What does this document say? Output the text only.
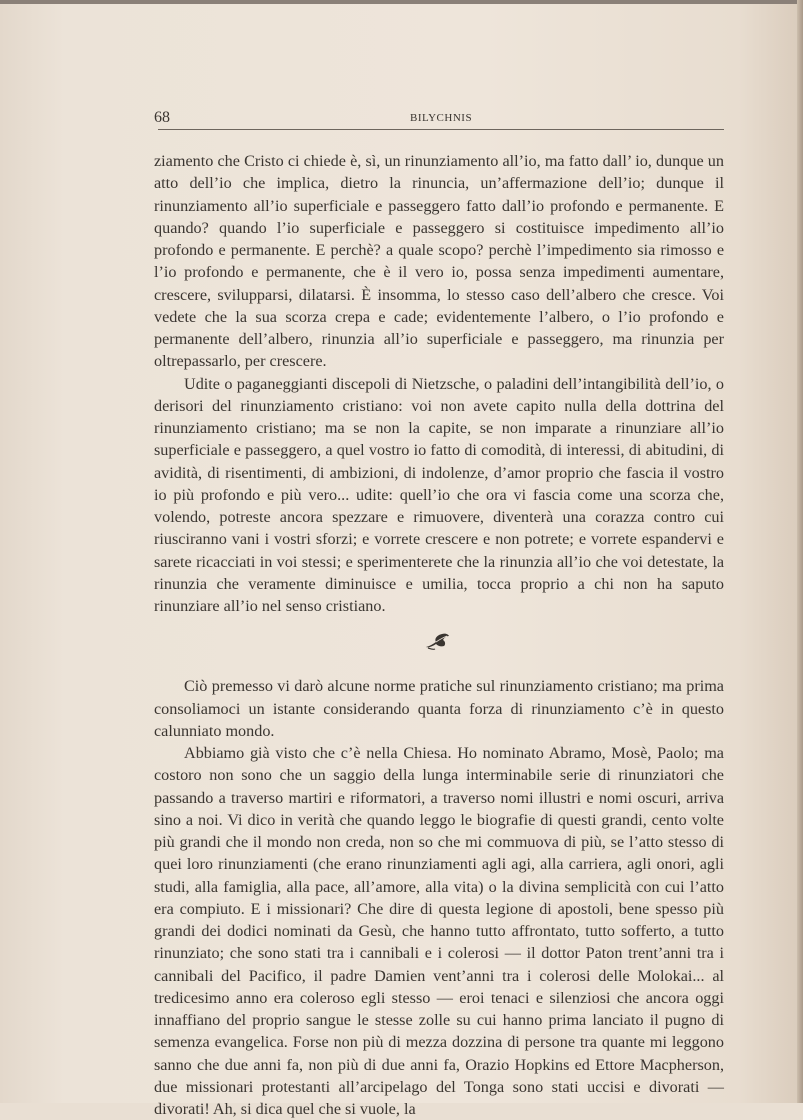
68	BILYCHNIS

ziamento che Cristo ci chiede è, sì, un rinunziamento all’io, ma fatto dall’ io, dunque un atto dell’io che implica, dietro la rinuncia, un’affermazione dell’io; dunque il rinunziamento all’io superficiale e passeggero fatto dall’io profondo e permanente. E quando? quando l’io superficiale e passeggero si costituisce impedimento all’io profondo e permanente. E perchè? a quale scopo? perchè l’impedimento sia rimosso e l’io profondo e permanente, che è il vero io, possa senza impedimenti aumentare, crescere, svilupparsi, dilatarsi. È insomma, lo stesso caso dell’albero che cresce. Voi vedete che la sua scorza crepa e cade; evidentemente l’albero, o l’io profondo e permanente dell’albero, rinunzia all’io superficiale e passeggero, ma rinunzia per oltrepassarlo, per crescere.

Udite o paganeggianti discepoli di Nietzsche, o paladini dell’intangibilità dell’io, o derisori del rinunziamento cristiano: voi non avete capito nulla della dottrina del rinunziamento cristiano; ma se non la capite, se non imparate a rinunziare all’io superficiale e passeggero, a quel vostro io fatto di comodità, di interessi, di abitudini, di avidità, di risentimenti, di ambizioni, di indolenze, d’amor proprio che fascia il vostro io più profondo e più vero... udite: quell’io che ora vi fascia come una scorza che, volendo, potreste ancora spezzare e rimuovere, diventerà una corazza contro cui riusciranno vani i vostri sforzi; e vorrete crescere e non potrete; e vorrete espandervi e sarete ricacciati in voi stessi; e sperimenterete che la rinunzia all’io che voi detestate, la rinunzia che veramente diminuisce e umilia, tocca proprio a chi non ha saputo rinunziare all’io nel senso cristiano.

Ciò premesso vi darò alcune norme pratiche sul rinunziamento cristiano; ma prima consoliamoci un istante considerando quanta forza di rinunziamento c’è in questo calunniato mondo.

Abbiamo già visto che c’è nella Chiesa. Ho nominato Abramo, Mosè, Paolo; ma costoro non sono che un saggio della lunga interminabile serie di rinunziatori che passando a traverso martiri e riformatori, a traverso nomi illustri e nomi oscuri, arriva sino a noi. Vi dico in verità che quando leggo le biografie di questi grandi, cento volte più grandi che il mondo non creda, non so che mi commuova di più, se l’atto stesso di quei loro rinunziamenti (che erano rinunziamenti agli agi, alla carriera, agli onori, agli studi, alla famiglia, alla pace, all’amore, alla vita) o la divina semplicità con cui l’atto era compiuto. E i missionari? Che dire di questa legione di apostoli, bene spesso più grandi dei dodici nominati da Gesù, che hanno tutto affrontato, tutto sofferto, a tutto rinunziato; che sono stati tra i cannibali e i colerosi — il dottor Paton trent’anni tra i cannibali del Pacifico, il padre Damien vent’anni tra i colerosi delle Molokai... al tredicesimo anno era coleroso egli stesso — eroi tenaci e silenziosi che ancora oggi innaffiano del proprio sangue le stesse zolle su cui hanno prima lanciato il pugno di semenza evangelica. Forse non più di mezza dozzina di persone tra quante mi leggono sanno che due anni fa, non più di due anni fa, Orazio Hopkins ed Ettore Macpherson, due missionari protestanti all’arcipelago del Tonga sono stati uccisi e divorati — divorati! Ah, si dica quel che si vuole, la
